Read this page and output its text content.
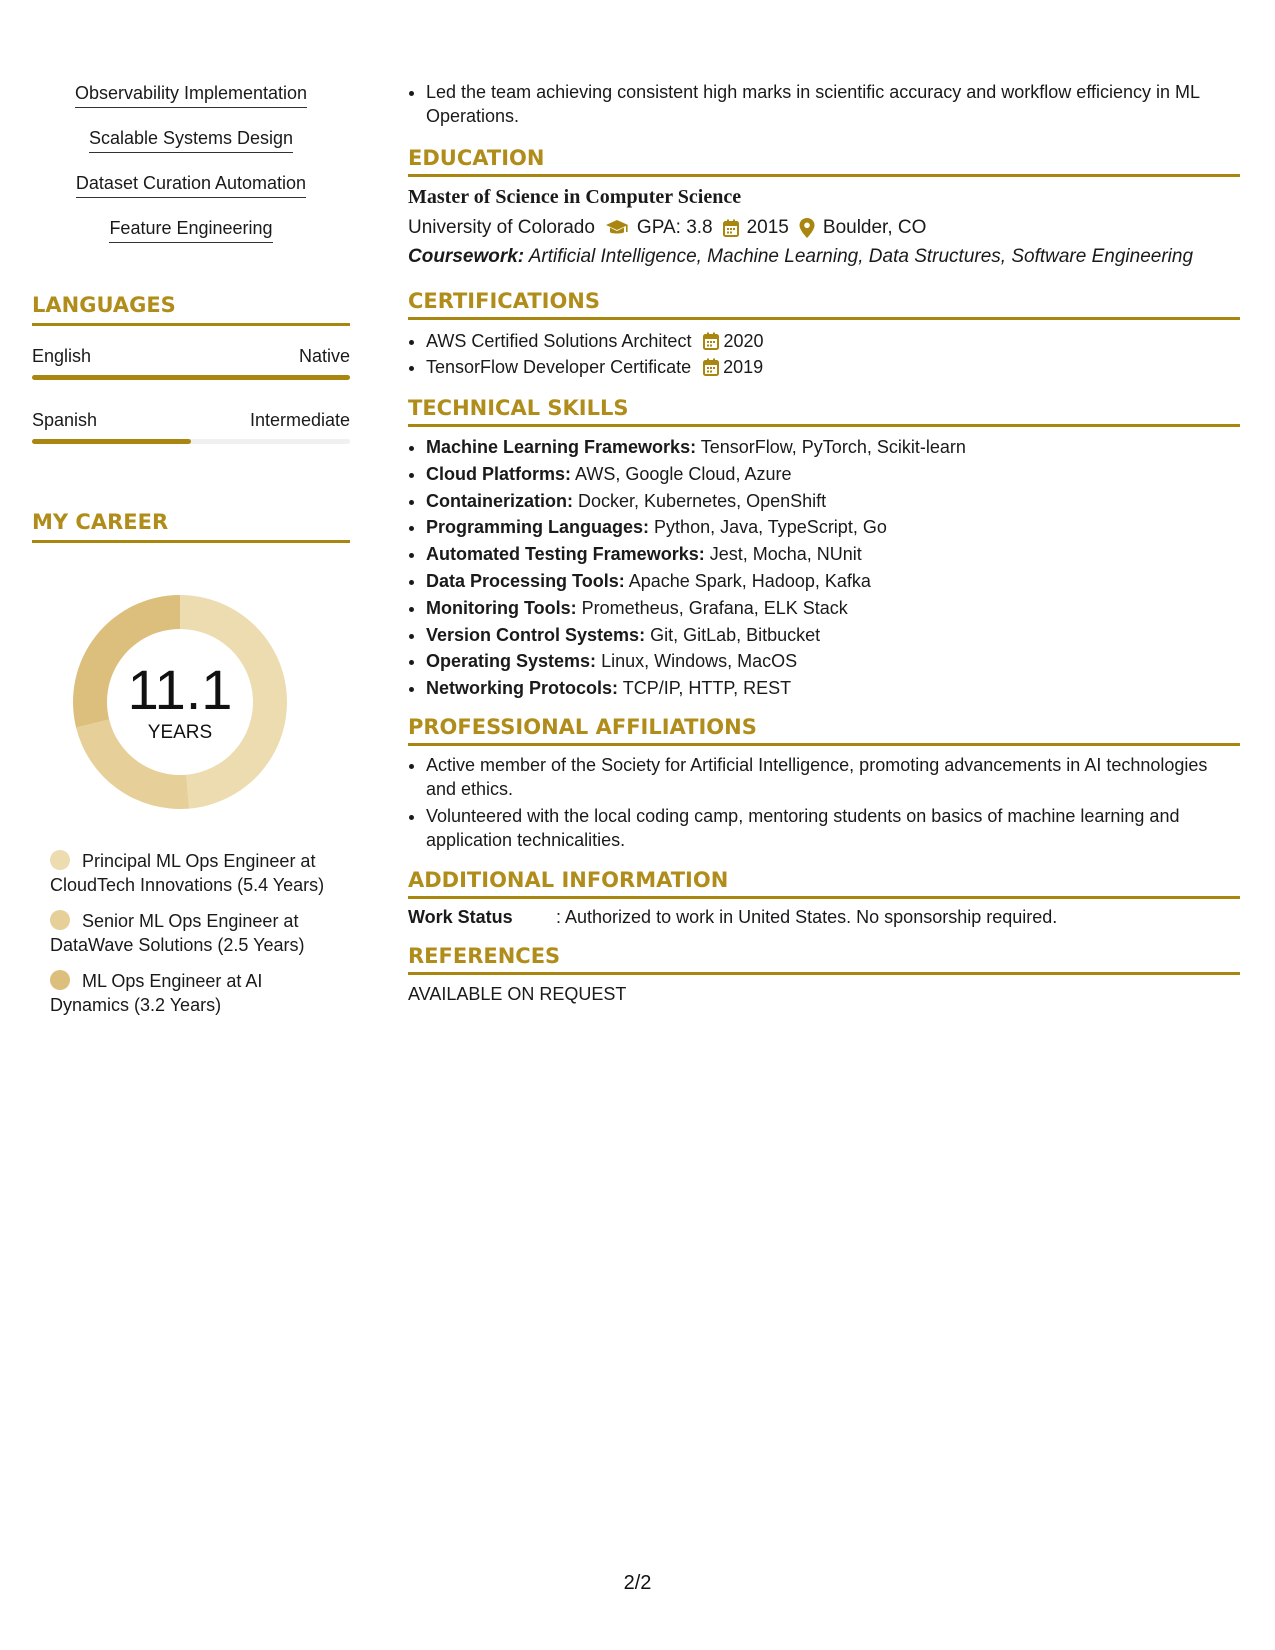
Observability Implementation
Scalable Systems Design
Dataset Curation Automation
Feature Engineering
LANGUAGES
English	Native
Spanish	Intermediate
MY CAREER
11.1
YEARS
Principal ML Ops Engineer at CloudTech Innovations (5.4 Years)
Senior ML Ops Engineer at DataWave Solutions (2.5 Years)
ML Ops Engineer at AI Dynamics (3.2 Years)
• Led the team achieving consistent high marks in scientific accuracy and workflow efficiency in ML Operations.
EDUCATION
Master of Science in Computer Science
University of Colorado GPA: 3.8 2015 Boulder, CO
Coursework: Artificial Intelligence, Machine Learning, Data Structures, Software Engineering
CERTIFICATIONS
• AWS Certified Solutions Architect 2020
• TensorFlow Developer Certificate 2019
TECHNICAL SKILLS
• Machine Learning Frameworks: TensorFlow, PyTorch, Scikit-learn
• Cloud Platforms: AWS, Google Cloud, Azure
• Containerization: Docker, Kubernetes, OpenShift
• Programming Languages: Python, Java, TypeScript, Go
• Automated Testing Frameworks: Jest, Mocha, NUnit
• Data Processing Tools: Apache Spark, Hadoop, Kafka
• Monitoring Tools: Prometheus, Grafana, ELK Stack
• Version Control Systems: Git, GitLab, Bitbucket
• Operating Systems: Linux, Windows, MacOS
• Networking Protocols: TCP/IP, HTTP, REST
PROFESSIONAL AFFILIATIONS
• Active member of the Society for Artificial Intelligence, promoting advancements in AI technologies and ethics.
• Volunteered with the local coding camp, mentoring students on basics of machine learning and application technicalities.
ADDITIONAL INFORMATION
Work Status	: Authorized to work in United States. No sponsorship required.
REFERENCES
AVAILABLE ON REQUEST
2/2
